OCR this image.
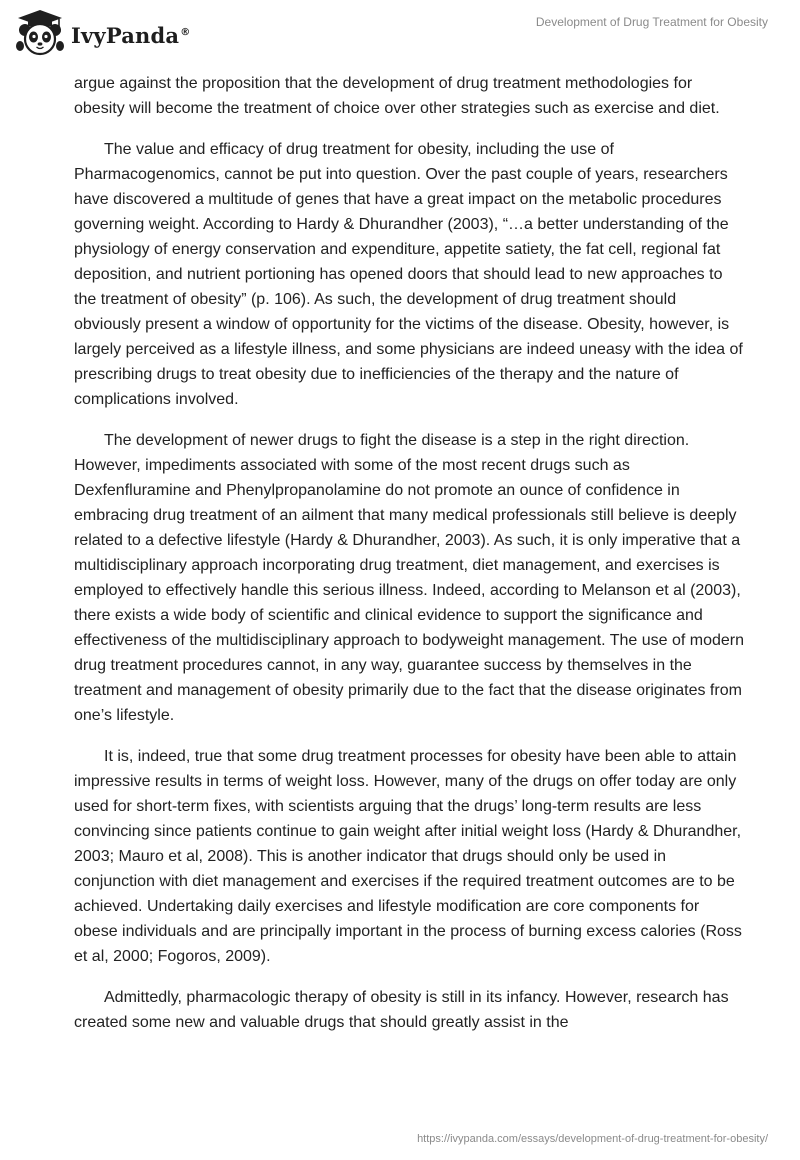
IvyPanda®
Development of Drug Treatment for Obesity

argue against the proposition that the development of drug treatment methodologies for obesity will become the treatment of choice over other strategies such as exercise and diet.

The value and efficacy of drug treatment for obesity, including the use of Pharmacogenomics, cannot be put into question. Over the past couple of years, researchers have discovered a multitude of genes that have a great impact on the metabolic procedures governing weight. According to Hardy & Dhurandher (2003), “…a better understanding of the physiology of energy conservation and expenditure, appetite satiety, the fat cell, regional fat deposition, and nutrient portioning has opened doors that should lead to new approaches to the treatment of obesity” (p. 106). As such, the development of drug treatment should obviously present a window of opportunity for the victims of the disease. Obesity, however, is largely perceived as a lifestyle illness, and some physicians are indeed uneasy with the idea of prescribing drugs to treat obesity due to inefficiencies of the therapy and the nature of complications involved.

The development of newer drugs to fight the disease is a step in the right direction. However, impediments associated with some of the most recent drugs such as Dexfenfluramine and Phenylpropanolamine do not promote an ounce of confidence in embracing drug treatment of an ailment that many medical professionals still believe is deeply related to a defective lifestyle (Hardy & Dhurandher, 2003). As such, it is only imperative that a multidisciplinary approach incorporating drug treatment, diet management, and exercises is employed to effectively handle this serious illness. Indeed, according to Melanson et al (2003), there exists a wide body of scientific and clinical evidence to support the significance and effectiveness of the multidisciplinary approach to bodyweight management. The use of modern drug treatment procedures cannot, in any way, guarantee success by themselves in the treatment and management of obesity primarily due to the fact that the disease originates from one’s lifestyle.

It is, indeed, true that some drug treatment processes for obesity have been able to attain impressive results in terms of weight loss. However, many of the drugs on offer today are only used for short-term fixes, with scientists arguing that the drugs’ long-term results are less convincing since patients continue to gain weight after initial weight loss (Hardy & Dhurandher, 2003; Mauro et al, 2008). This is another indicator that drugs should only be used in conjunction with diet management and exercises if the required treatment outcomes are to be achieved. Undertaking daily exercises and lifestyle modification are core components for obese individuals and are principally important in the process of burning excess calories (Ross et al, 2000; Fogoros, 2009).

Admittedly, pharmacologic therapy of obesity is still in its infancy. However, research has created some new and valuable drugs that should greatly assist in the

https://ivypanda.com/essays/development-of-drug-treatment-for-obesity/
